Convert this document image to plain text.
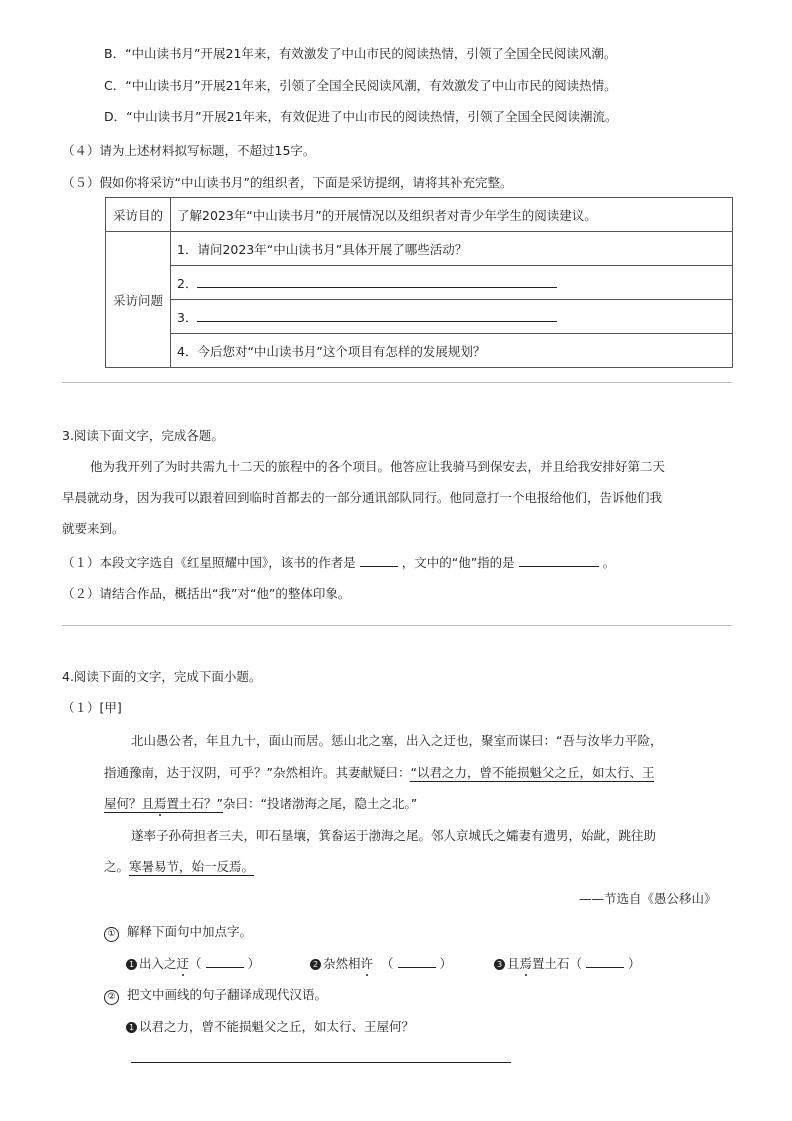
B．“中山读书月”开展21年来，有效激发了中山市民的阅读热情，引领了全国全民阅读风潮。
C．“中山读书月”开展21年来，引领了全国全民阅读风潮，有效激发了中山市民的阅读热情。
D．“中山读书月”开展21年来，有效促进了中山市民的阅读热情，引领了全国全民阅读潮流。
（４）请为上述材料拟写标题，不超过15字。
（５）假如你将采访“中山读书月”的组织者，下面是采访提纲，请将其补充完整。
采访目的	了解2023年“中山读书月”的开展情况以及组织者对青少年学生的阅读建议。
采访问题	1．请问2023年“中山读书月”具体开展了哪些活动？
	2．
	3．
	4．今后您对“中山读书月”这个项目有怎样的发展规划？
3.阅读下面文字，完成各题。
他为我开列了为时共需九十二天的旅程中的各个项目。他答应让我骑马到保安去，并且给我安排好第二天
早晨就动身，因为我可以跟着回到临时首都去的一部分通讯部队同行。他同意打一个电报给他们，告诉他们我
就要来到。
（１）本段文字选自《红星照耀中国》，该书的作者是	，文中的“他”指的是	。
（２）请结合作品，概括出“我”对“他”的整体印象。
4.阅读下面的文字，完成下面小题。
（１）[甲]
北山愚公者，年且九十，面山而居。惩山北之塞，出入之迂也，聚室而谋曰：“吾与汝毕力平险，
指通豫南，达于汉阴，可乎？”杂然相许。其妻献疑曰：“以君之力，曾不能损魁父之丘，如太行、王
屋何？且焉置土石？”杂曰：“投诸渤海之尾，隐土之北。”
遂率子孙荷担者三夫，叩石垦壤，箕畚运于渤海之尾。邻人京城氏之孀妻有遗男，始龀，跳往助
之。寒暑易节，始一反焉。
——节选自《愚公移山》
① 解释下面句中加点字。
1 出入之迂（	）	2 杂然相许 （	）	3 且焉置土石（	）
② 把文中画线的句子翻译成现代汉语。
1 以君之力，曾不能损魁父之丘，如太行、王屋何？
